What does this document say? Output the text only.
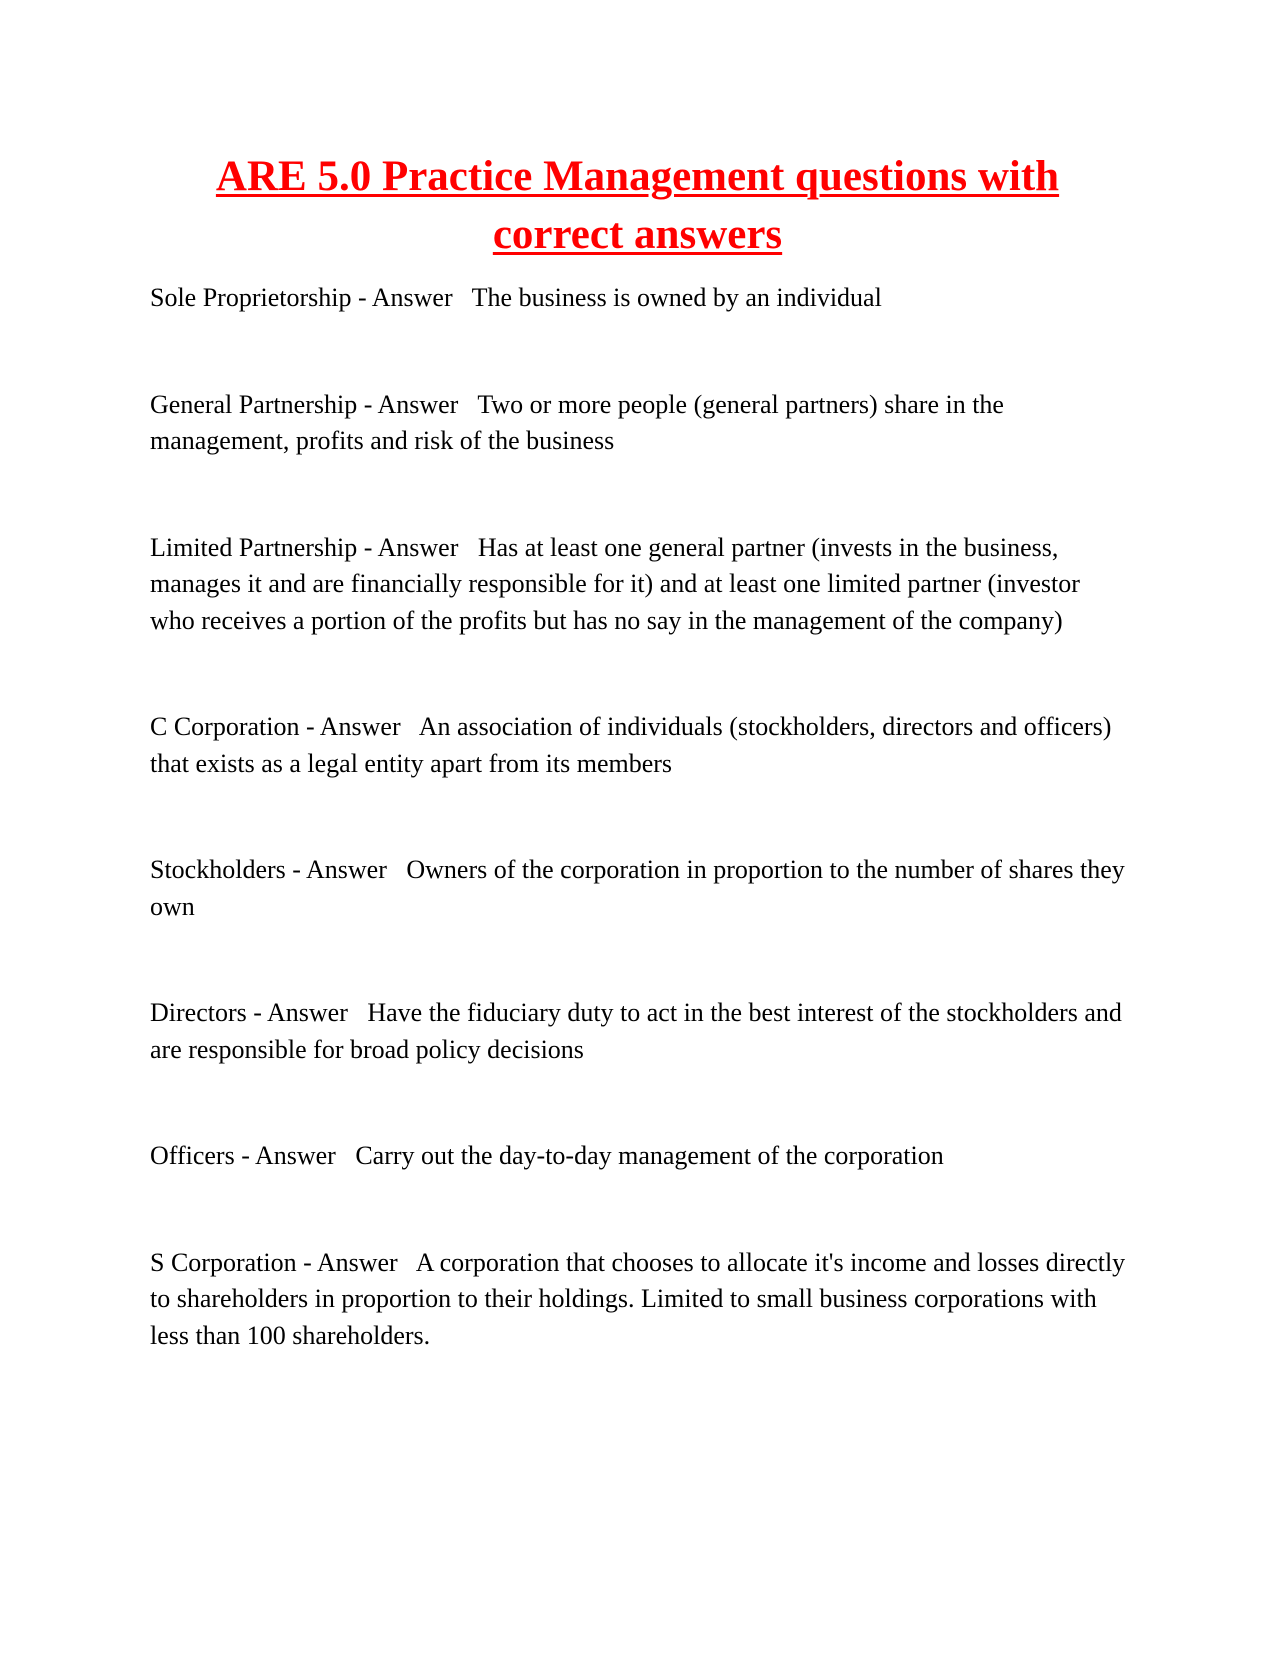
ARE 5.0 Practice Management questions with
correct answers

Sole Proprietorship - Answer The business is owned by an individual

General Partnership - Answer Two or more people (general partners) share in the management, profits and risk of the business

Limited Partnership - Answer Has at least one general partner (invests in the business, manages it and are financially responsible for it) and at least one limited partner (investor who receives a portion of the profits but has no say in the management of the company)

C Corporation - Answer An association of individuals (stockholders, directors and officers) that exists as a legal entity apart from its members

Stockholders - Answer Owners of the corporation in proportion to the number of shares they own

Directors - Answer Have the fiduciary duty to act in the best interest of the stockholders and are responsible for broad policy decisions

Officers - Answer Carry out the day-to-day management of the corporation

S Corporation - Answer A corporation that chooses to allocate it's income and losses directly to shareholders in proportion to their holdings. Limited to small business corporations with less than 100 shareholders.
